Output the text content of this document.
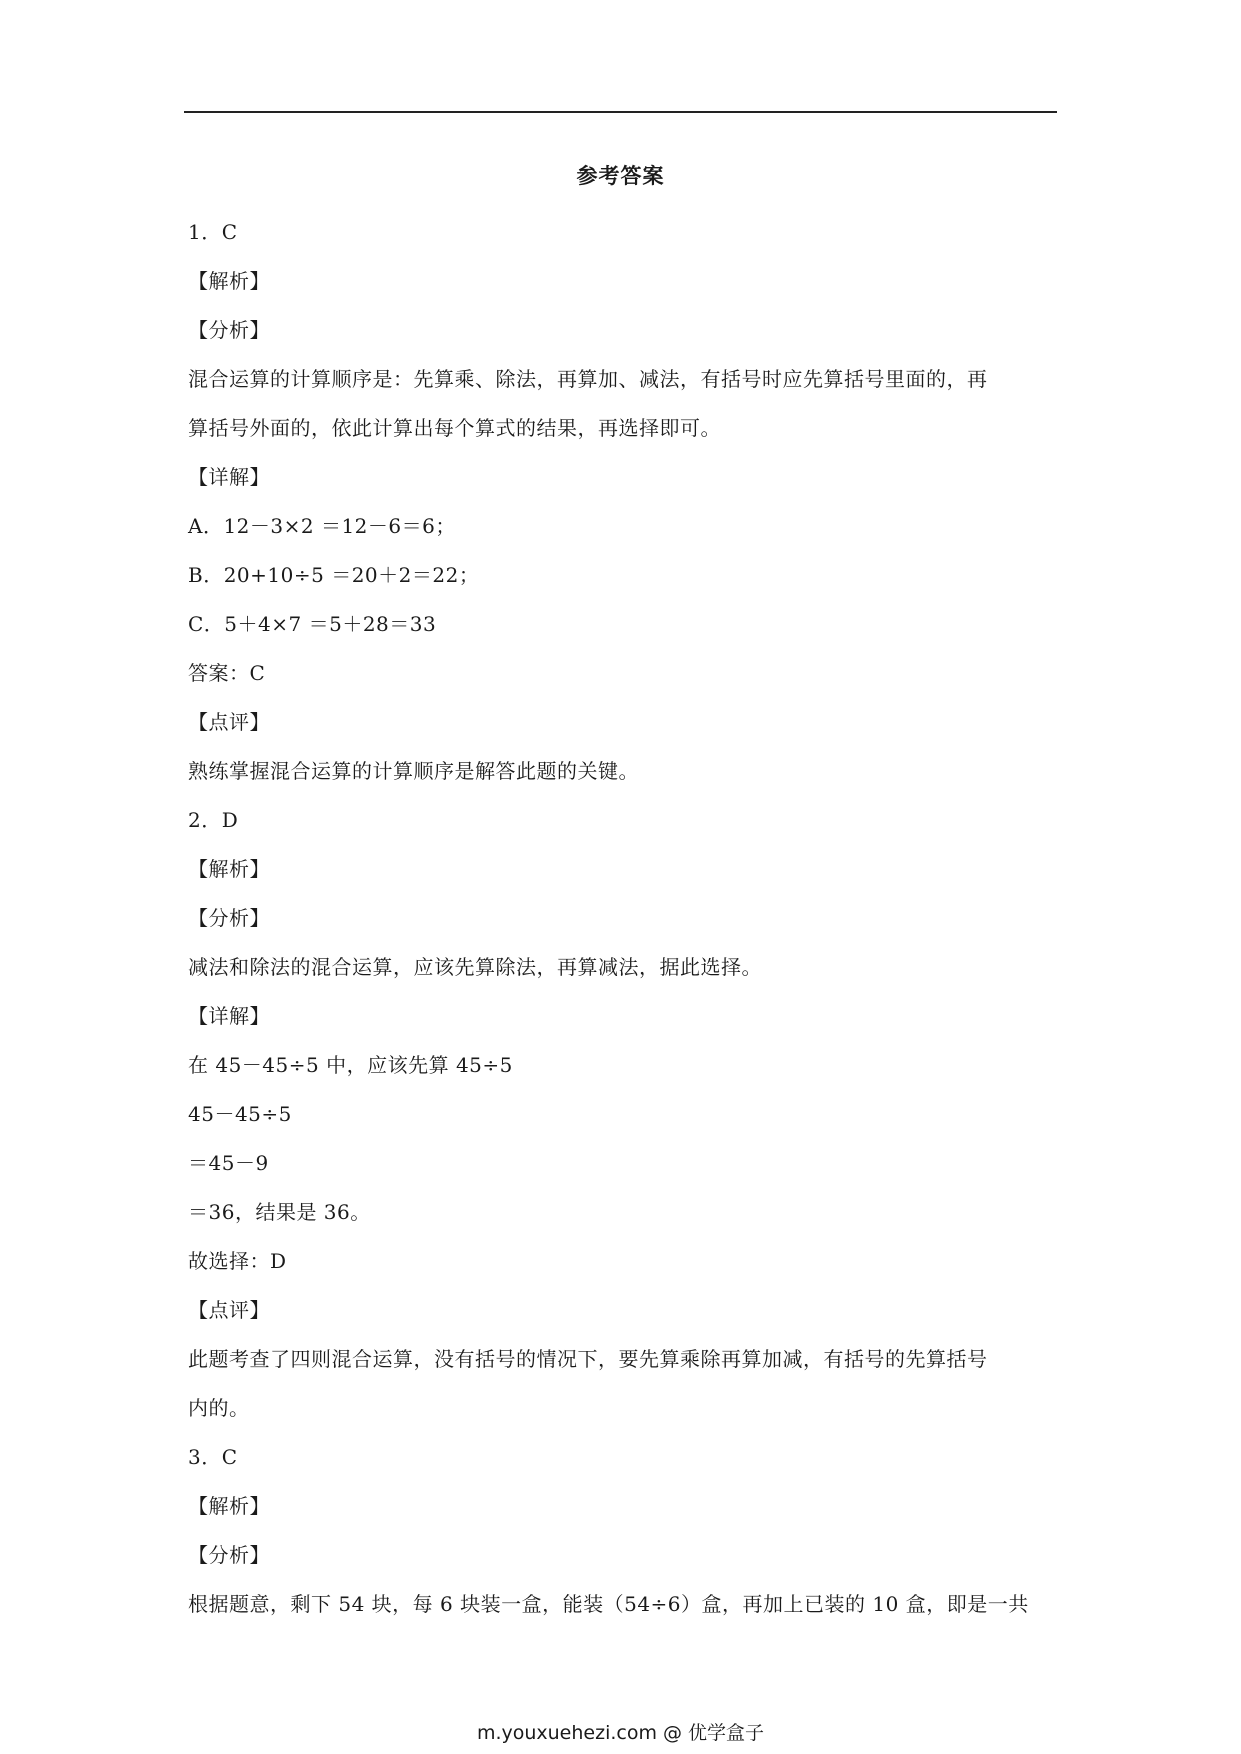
参考答案
1．C
【解析】
【分析】
混合运算的计算顺序是：先算乘、除法，再算加、减法，有括号时应先算括号里面的，再
算括号外面的，依此计算出每个算式的结果，再选择即可。
【详解】
A．12－3×2 ＝12－6＝6；
B．20+10÷5 ＝20＋2＝22；
C．5＋4×7 ＝5＋28＝33
答案：C
【点评】
熟练掌握混合运算的计算顺序是解答此题的关键。
2．D
【解析】
【分析】
减法和除法的混合运算，应该先算除法，再算减法，据此选择。
【详解】
在 45－45÷5 中，应该先算 45÷5
45－45÷5
＝45－9
＝36，结果是 36。
故选择：D
【点评】
此题考查了四则混合运算，没有括号的情况下，要先算乘除再算加减，有括号的先算括号
内的。
3．C
【解析】
【分析】
根据题意，剩下 54 块，每 6 块装一盒，能装（54÷6）盒，再加上已装的 10 盒，即是一共
m.youxuehezi.com @ 优学盒子
